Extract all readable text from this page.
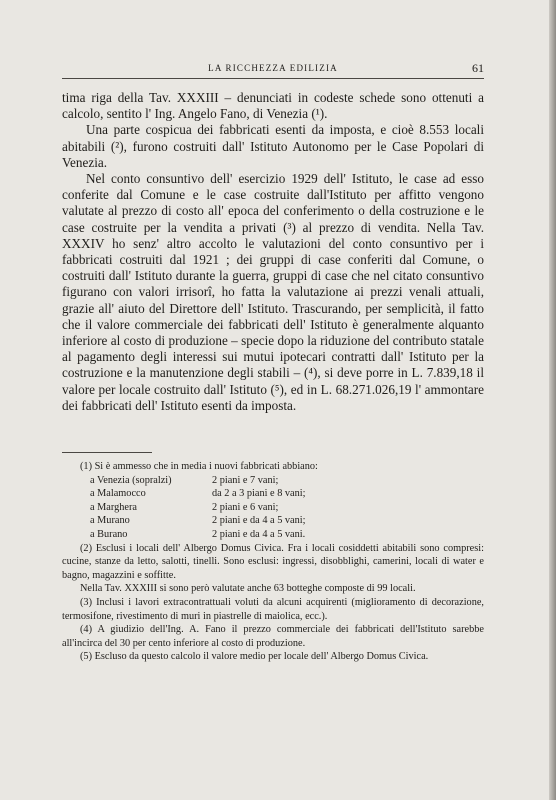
LA RICCHEZZA EDILIZIA	61

tima riga della Tav. XXXIII – denunciati in codeste schede sono ottenuti a calcolo, sentito l' Ing. Angelo Fano, di Venezia (¹).

Una parte cospicua dei fabbricati esenti da imposta, e cioè 8.553 locali abitabili (²), furono costruiti dall' Istituto Autonomo per le Case Popolari di Venezia.

Nel conto consuntivo dell' esercizio 1929 dell' Istituto, le case ad esso conferite dal Comune e le case costruite dall'Istituto per affitto vengono valutate al prezzo di costo all' epoca del conferimento o della costruzione e le case costruite per la vendita a privati (³) al prezzo di vendita. Nella Tav. XXXIV ho senz' altro accolto le valutazioni del conto consuntivo per i fabbricati costruiti dal 1921 ; dei gruppi di case conferiti dal Comune, o costruiti dall' Istituto durante la guerra, gruppi di case che nel citato consuntivo figurano con valori irrisorî, ho fatta la valutazione ai prezzi venali attuali, grazie all' aiuto del Direttore dell' Istituto. Trascurando, per semplicità, il fatto che il valore commerciale dei fabbricati dell' Istituto è generalmente alquanto inferiore al costo di produzione – specie dopo la riduzione del contributo statale al pagamento degli interessi sui mutui ipotecari contratti dall' Istituto per la costruzione e la manutenzione degli stabili – (⁴), si deve porre in L. 7.839,18 il valore per locale costruito dall' Istituto (⁵), ed in L. 68.271.026,19 l' ammontare dei fabbricati dell' Istituto esenti da imposta.

(1) Si è ammesso che in media i nuovi fabbricati abbiano:

a Venezia (sopralzi)	2 piani e 7 vani;
a Malamocco	da 2 a 3 piani e 8 vani;
a Marghera	2 piani e 6 vani;
a Murano	2 piani e da 4 a 5 vani;
a Burano	2 piani e da 4 a 5 vani.

(2) Esclusi i locali dell' Albergo Domus Civica. Fra i locali cosiddetti abitabili sono compresi: cucine, stanze da letto, salotti, tinelli. Sono esclusi: ingressi, disobblighi, camerini, locali di water e bagno, magazzini e soffitte.

Nella Tav. XXXIII si sono però valutate anche 63 botteghe composte di 99 locali.

(3) Inclusi i lavori extracontrattuali voluti da alcuni acquirenti (miglioramento di decorazione, termosifone, rivestimento di muri in piastrelle di maiolica, ecc.).

(4) A giudizio dell'Ing. A. Fano il prezzo commerciale dei fabbricati dell'Istituto sarebbe all'incirca del 30 per cento inferiore al costo di produzione.

(5) Escluso da questo calcolo il valore medio per locale dell' Albergo Domus Civica.
